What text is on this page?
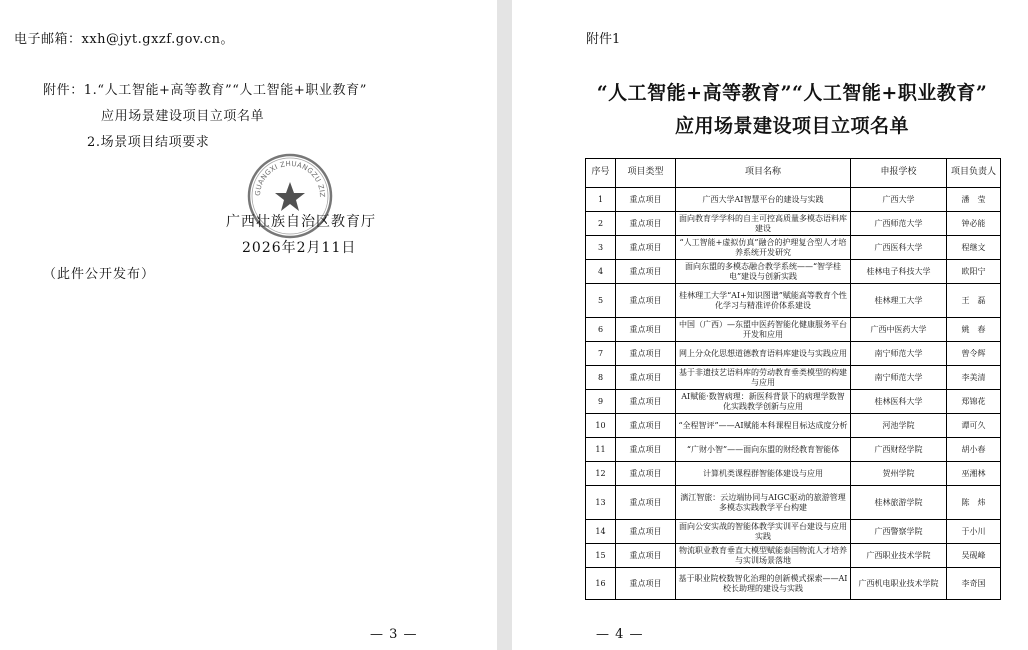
电子邮箱：xxh@jyt.gxzf.gov.cn。
附件：1.“人工智能+高等教育”“人工智能+职业教育”
应用场景建设项目立项名单
2.场景项目结项要求
GUANGXI ZHUANGZU ZIZ
广西壮族自治区教育厅
2026年2月11日
（此件公开发布）
— 3 —
附件1
“人工智能+高等教育”“人工智能+职业教育”
应用场景建设项目立项名单
序号	项目类型	项目名称	申报学校	项目负责人
1	重点项目	广西大学AI智慧平台的建设与实践	广西大学	潘　莹
2	重点项目	面向教育学学科的自主可控高质量多模态语料库建设	广西师范大学	钟必能
3	重点项目	“人工智能+虚拟仿真”融合的护理复合型人才培养系统开发研究	广西医科大学	程继文
4	重点项目	面向东盟的多模态融合教学系统——“智学桂电”建设与创新实践	桂林电子科技大学	欧阳宁
5	重点项目	桂林理工大学“AI+知识图谱”赋能高等教育个性化学习与精准评价体系建设	桂林理工大学	王　磊
6	重点项目	中国（广西）—东盟中医药智能化健康服务平台开发和应用	广西中医药大学	姚　春
7	重点项目	网上分众化思想道德教育语料库建设与实践应用	南宁师范大学	曾令辉
8	重点项目	基于非遗技艺语料库的劳动教育垂类模型的构建与应用	南宁师范大学	李美清
9	重点项目	AI赋能·数智病理：新医科背景下的病理学数智化实践教学创新与应用	桂林医科大学	郑锦花
10	重点项目	“全程智评”——AI赋能本科课程目标达成度分析	河池学院	谭可久
11	重点项目	“广财小智”——面向东盟的财经教育智能体	广西财经学院	胡小春
12	重点项目	计算机类课程群智能体建设与应用	贺州学院	巫湘林
13	重点项目	漓江智旅：云边端协同与AIGC驱动的旅游管理多模态实践教学平台构建	桂林旅游学院	陈　炜
14	重点项目	面向公安实战的智能体教学实训平台建设与应用实践	广西警察学院	于小川
15	重点项目	物流职业教育垂直大模型赋能泰国物流人才培养与实训场景落地	广西职业技术学院	吴砚峰
16	重点项目	基于职业院校数智化治理的创新模式探索——AI校长助理的建设与实践	广西机电职业技术学院	李奇国
— 4 —
